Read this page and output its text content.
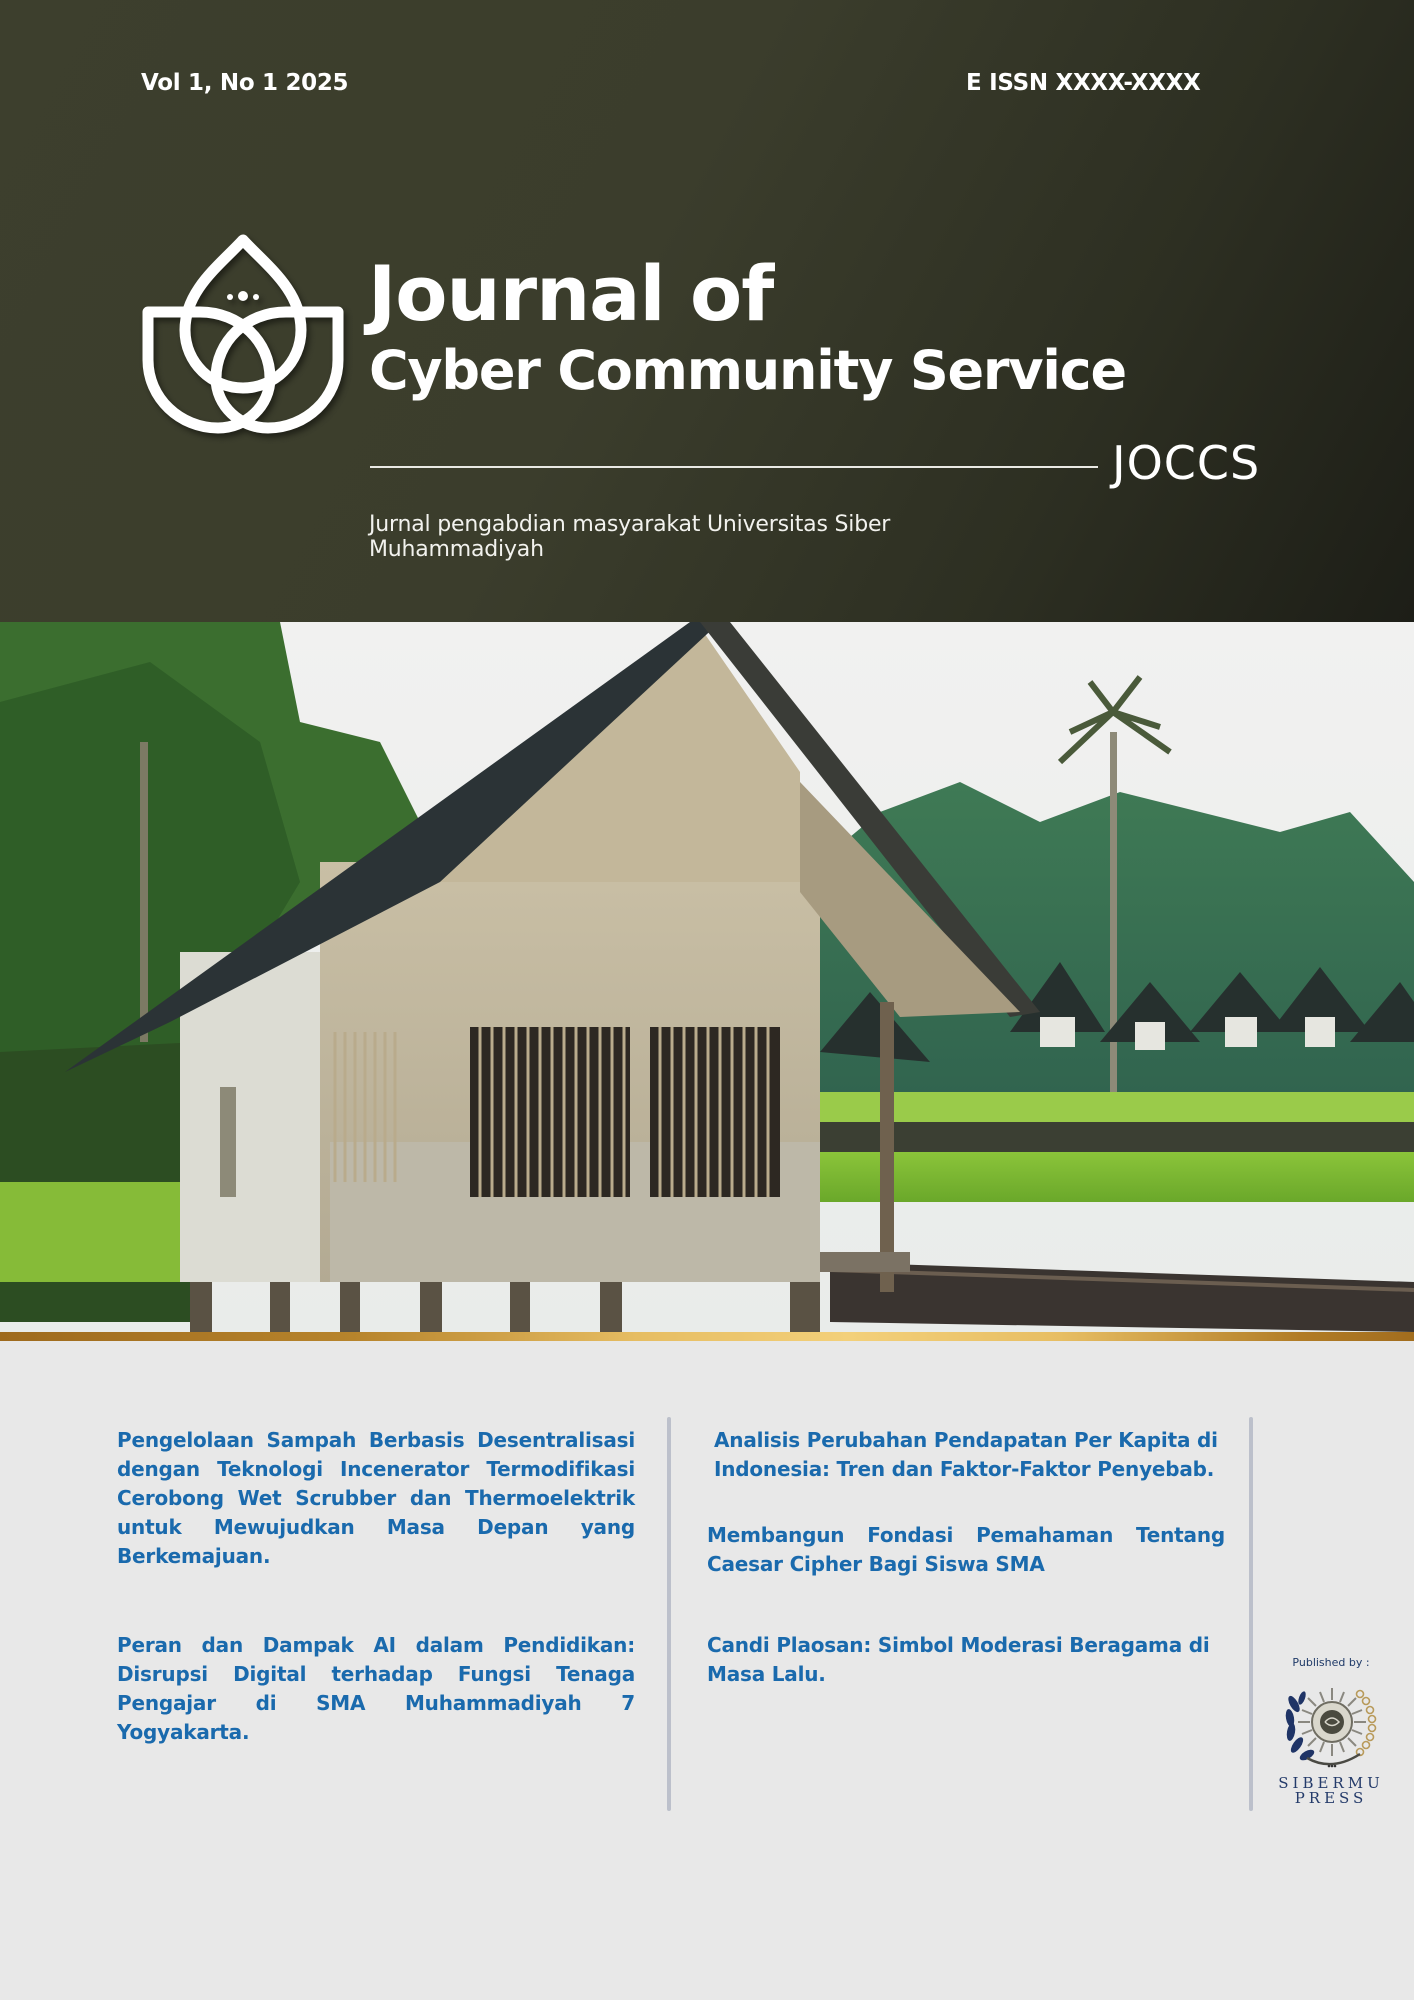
Vol 1, No 1 2025	E ISSN XXXX-XXXX
Journal of
Cyber Community Service
JOCCS
Jurnal pengabdian masyarakat Universitas Siber Muhammadiyah
Pengelolaan Sampah Berbasis Desentralisasi dengan Teknologi Incenerator Termodifikasi Cerobong Wet Scrubber dan Thermoelektrik untuk Mewujudkan Masa Depan yang Berkemajuan.
Peran dan Dampak AI dalam Pendidikan: Disrupsi Digital terhadap Fungsi Tenaga Pengajar di SMA Muhammadiyah 7 Yogyakarta.
Analisis Perubahan Pendapatan Per Kapita di Indonesia: Tren dan Faktor-Faktor Penyebab.
Membangun Fondasi Pemahaman Tentang Caesar Cipher Bagi Siswa SMA
Candi Plaosan: Simbol Moderasi Beragama di Masa Lalu.	Published by :
SIBERMU
PRESS
